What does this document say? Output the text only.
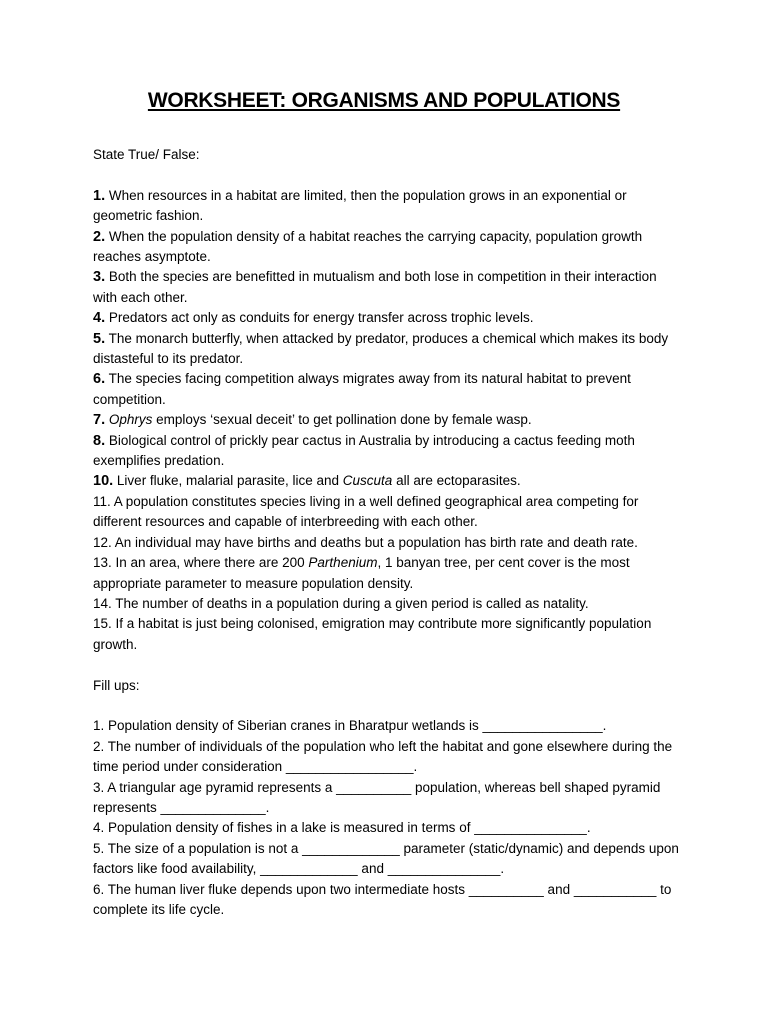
WORKSHEET: ORGANISMS AND POPULATIONS

State True/ False:

1. When resources in a habitat are limited, then the population grows in an exponential or geometric fashion.

2. When the population density of a habitat reaches the carrying capacity, population growth reaches asymptote.

3. Both the species are benefitted in mutualism and both lose in competition in their interaction with each other.

4. Predators act only as conduits for energy transfer across trophic levels.

5. The monarch butterfly, when attacked by predator, produces a chemical which makes its body distasteful to its predator.

6. The species facing competition always migrates away from its natural habitat to prevent competition.

7. Ophrys employs ‘sexual deceit’ to get pollination done by female wasp.

8. Biological control of prickly pear cactus in Australia by introducing a cactus feeding moth exemplifies predation.

10. Liver fluke, malarial parasite, lice and Cuscuta all are ectoparasites.

11. A population constitutes species living in a well defined geographical area competing for different resources and capable of interbreeding with each other.

12. An individual may have births and deaths but a population has birth rate and death rate.

13. In an area, where there are 200 Parthenium, 1 banyan tree, per cent cover is the most appropriate parameter to measure population density.

14. The number of deaths in a population during a given period is called as natality.

15. If a habitat is just being colonised, emigration may contribute more significantly population growth.

Fill ups:

1. Population density of Siberian cranes in Bharatpur wetlands is ________________.

2. The number of individuals of the population who left the habitat and gone elsewhere during the time period under consideration _________________.

3. A triangular age pyramid represents a __________ population, whereas bell shaped pyramid represents ______________.

4. Population density of fishes in a lake is measured in terms of _______________.

5. The size of a population is not a _____________ parameter (static/dynamic) and depends upon factors like food availability, _____________ and _______________.

6. The human liver fluke depends upon two intermediate hosts __________ and ___________ to complete its life cycle.
